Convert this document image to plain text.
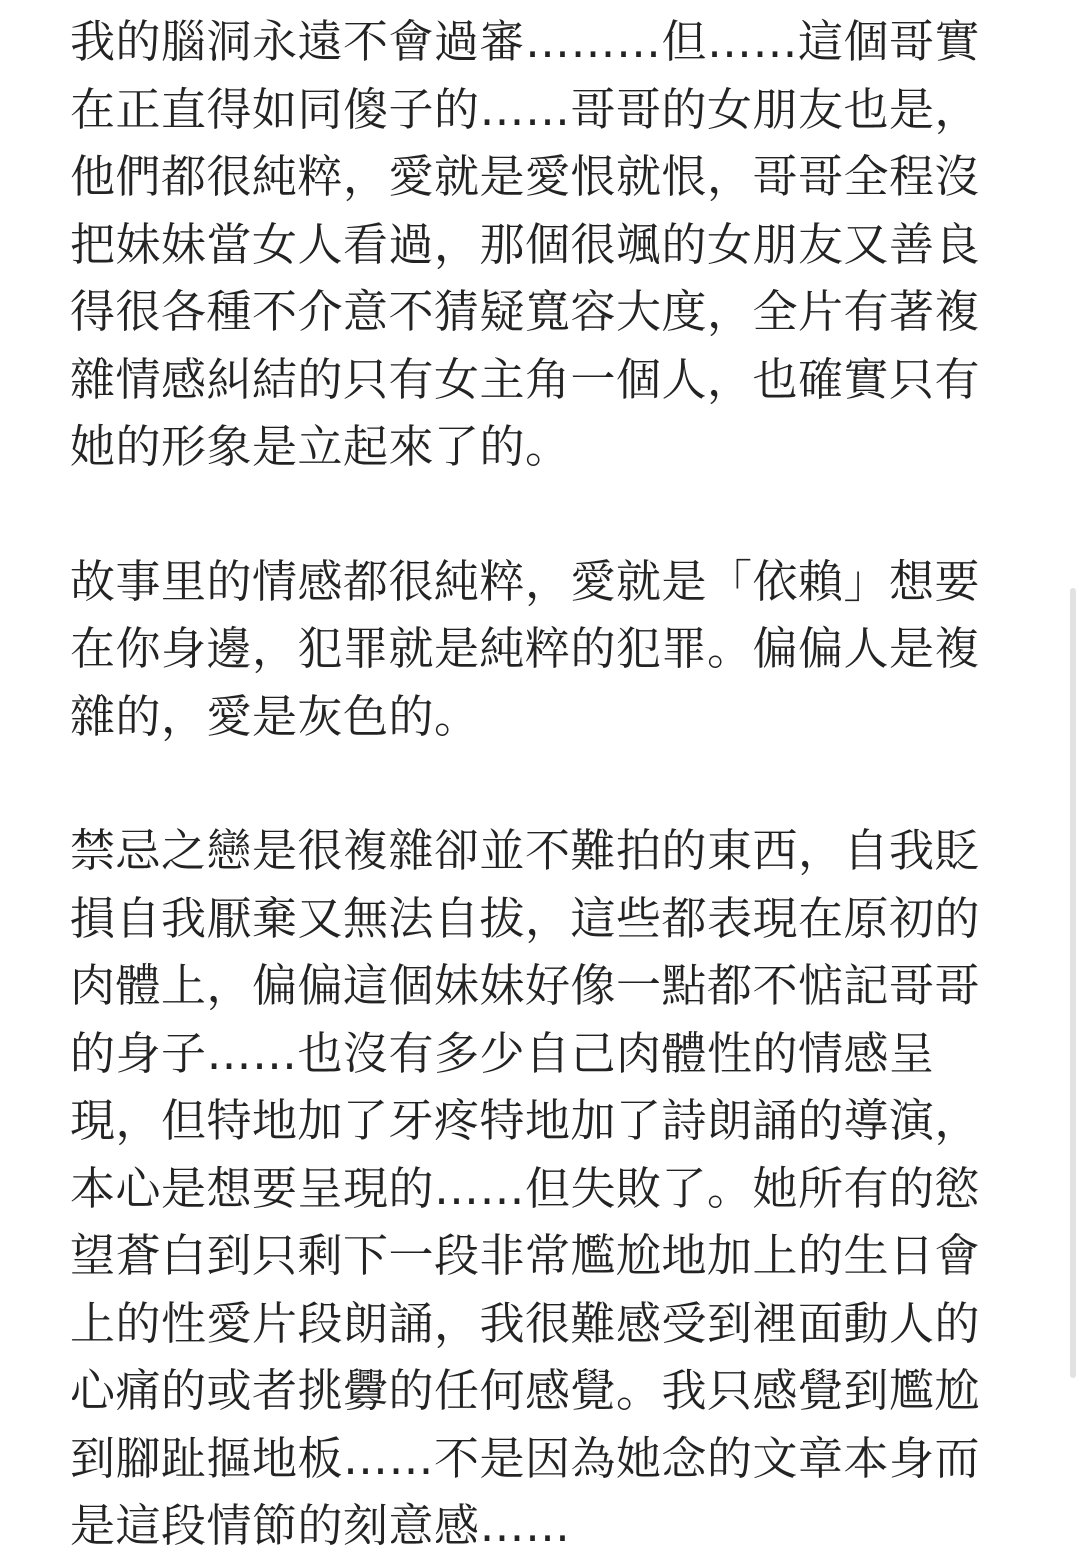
我的腦洞永遠不會過審………但……這個哥實在正直得如同傻子的……哥哥的女朋友也是，他們都很純粹，愛就是愛恨就恨，哥哥全程沒把妹妹當女人看過，那個很颯的女朋友又善良得很各種不介意不猜疑寬容大度，全片有著複雜情感糾結的只有女主角一個人，也確實只有她的形象是立起來了的。

故事里的情感都很純粹，愛就是「依賴」想要在你身邊，犯罪就是純粹的犯罪。偏偏人是複雜的，愛是灰色的。

禁忌之戀是很複雜卻並不難拍的東西，自我貶損自我厭棄又無法自拔，這些都表現在原初的肉體上，偏偏這個妹妹好像一點都不惦記哥哥的身子……也沒有多少自己肉體性的情感呈現，但特地加了牙疼特地加了詩朗誦的導演，本心是想要呈現的……但失敗了。她所有的慾望蒼白到只剩下一段非常尷尬地加上的生日會上的性愛片段朗誦，我很難感受到裡面動人的心痛的或者挑釁的任何感覺。我只感覺到尷尬到腳趾摳地板……不是因為她念的文章本身而是這段情節的刻意感……
